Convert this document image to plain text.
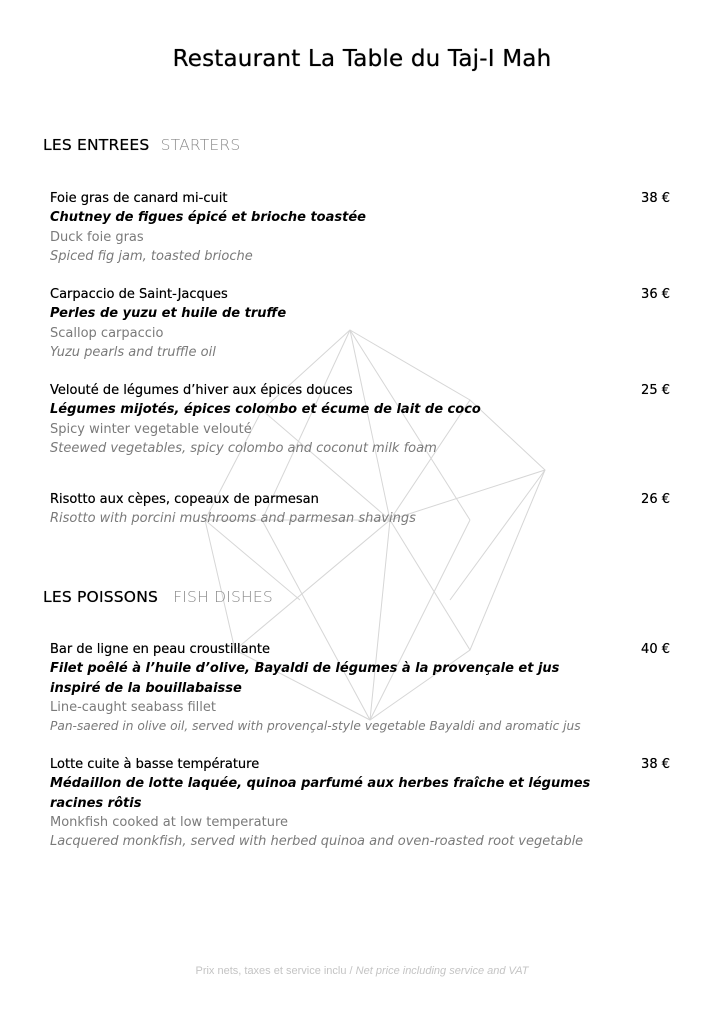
Restaurant La Table du Taj-I Mah
LES ENTREES STARTERS
Foie gras de canard mi-cuit
Chutney de figues épicé et brioche toastée
Duck foie gras
Spiced fig jam, toasted brioche
38 €
Carpaccio de Saint-Jacques
Perles de yuzu et huile de truffe
Scallop carpaccio
Yuzu pearls and truffle oil
36 €
Velouté de légumes d’hiver aux épices douces
Légumes mijotés, épices colombo et écume de lait de coco
Spicy winter vegetable velouté
Steewed vegetables, spicy colombo and coconut milk foam
25 €
Risotto aux cèpes, copeaux de parmesan
Risotto with porcini mushrooms and parmesan shavings
26 €
LES POISSONS FISH DISHES
Bar de ligne en peau croustillante
Filet poêlé à l’huile d’olive, Bayaldi de légumes à la provençale et jus inspiré de la bouillabaisse
Line-caught seabass fillet
Pan-saered in olive oil, served with provençal-style vegetable Bayaldi and aromatic jus
40 €
Lotte cuite à basse température
Médaillon de lotte laquée, quinoa parfumé aux herbes fraîche et légumes racines rôtis
Monkfish cooked at low temperature
Lacquered monkfish, served with herbed quinoa and oven-roasted root vegetable
38 €
Prix nets, taxes et service inclu / Net price including service and VAT
